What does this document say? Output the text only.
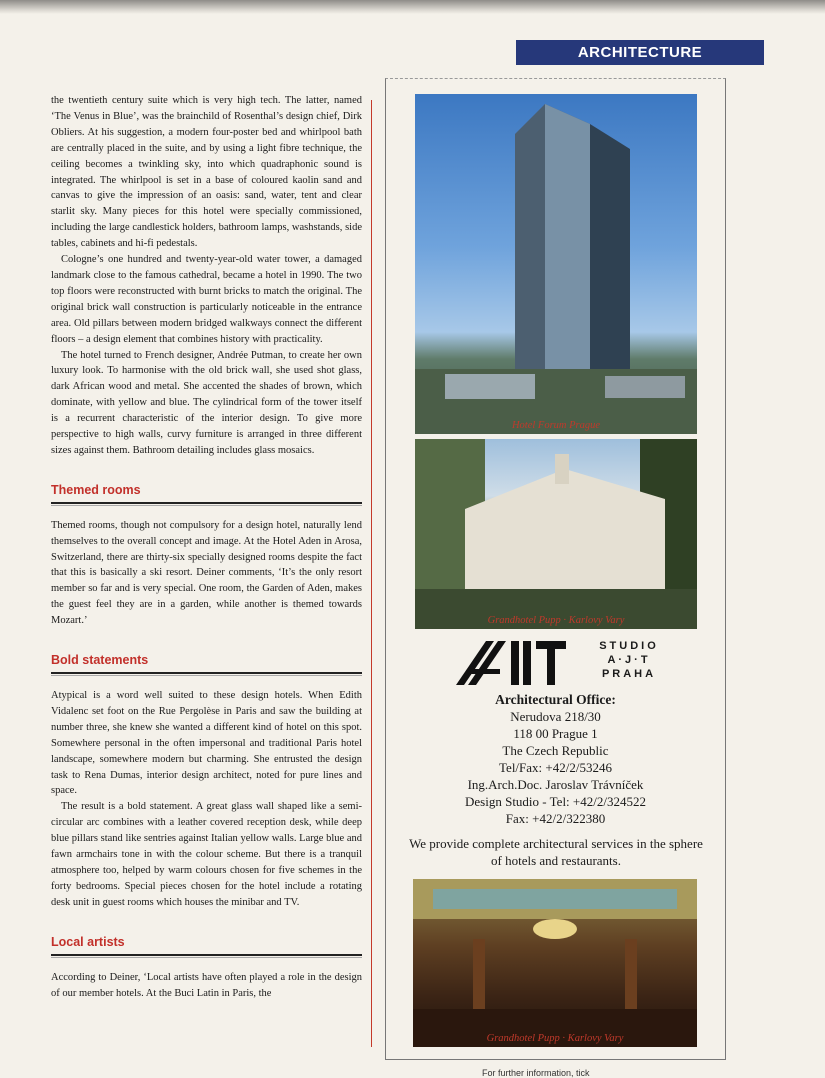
ARCHITECTURE

the twentieth century suite which is very high tech. The latter, named ‘The Venus in Blue’, was the brainchild of Rosenthal’s design chief, Dirk Obliers. At his suggestion, a modern four-poster bed and whirlpool bath are centrally placed in the suite, and by using a light fibre technique, the ceiling becomes a twinkling sky, into which quadraphonic sound is integrated. The whirlpool is set in a base of coloured kaolin sand and canvas to give the impression of an oasis: sand, water, tent and clear starlit sky. Many pieces for this hotel were specially commissioned, including the large candlestick holders, bathroom lamps, washstands, side tables, cabinets and hi-fi pedestals.

Cologne’s one hundred and twenty-year-old water tower, a damaged landmark close to the famous cathedral, became a hotel in 1990. The two top floors were reconstructed with burnt bricks to match the original. The original brick wall construction is particularly noticeable in the entrance area. Old pillars between modern bridged walkways connect the different floors – a design element that combines history with practicality.

The hotel turned to French designer, Andrée Putman, to create her own luxury look. To harmonise with the old brick wall, she used shot glass, dark African wood and metal. She accented the shades of brown, which dominate, with yellow and blue. The cylindrical form of the tower itself is a recurrent characteristic of the interior design. To give more perspective to high walls, curvy furniture is arranged in three different sizes against them. Bathroom detailing includes glass mosaics.

Themed rooms

Themed rooms, though not compulsory for a design hotel, naturally lend themselves to the overall concept and image. At the Hotel Aden in Arosa, Switzerland, there are thirty-six specially designed rooms despite the fact that this is basically a ski resort. Deiner comments, ‘It’s the only resort member so far and is very special. One room, the Garden of Aden, makes the guest feel they are in a garden, while another is themed towards Mozart.’

Bold statements

Atypical is a word well suited to these design hotels. When Edith Vidalenc set foot on the Rue Pergolèse in Paris and saw the building at number three, she knew she wanted a different kind of hotel on this spot. Somewhere personal in the often impersonal and traditional Paris hotel landscape, somewhere modern but charming. She entrusted the design task to Rena Dumas, interior design architect, noted for pure lines and space.

The result is a bold statement. A great glass wall shaped like a semi-circular arc combines with a leather covered reception desk, while deep blue pillars stand like sentries against Italian yellow walls. Large blue and fawn armchairs tone in with the colour scheme. But there is a tranquil atmosphere too, helped by warm colours chosen for five schemes in the forty bedrooms. Special pieces chosen for the hotel include a rotating desk unit in guest rooms which houses the minibar and TV.

Local artists

According to Deiner, ‘Local artists have often played a role in the design of our member hotels. At the Buci Latin in Paris, the

Hotel Forum Prague
Grandhotel Pupp · Karlovy Vary
STUDIO
A·J·T
PRAHA
Architectural Office:
Nerudova 218/30
118 00 Prague 1
The Czech Republic
Tel/Fax: +42/2/53246
Ing.Arch.Doc. Jaroslav Trávníček
Design Studio - Tel: +42/2/324522
Fax: +42/2/322380
We provide complete architectural services in the sphere of hotels and restaurants.
Grandhotel Pupp · Karlovy Vary
For further information, tick
